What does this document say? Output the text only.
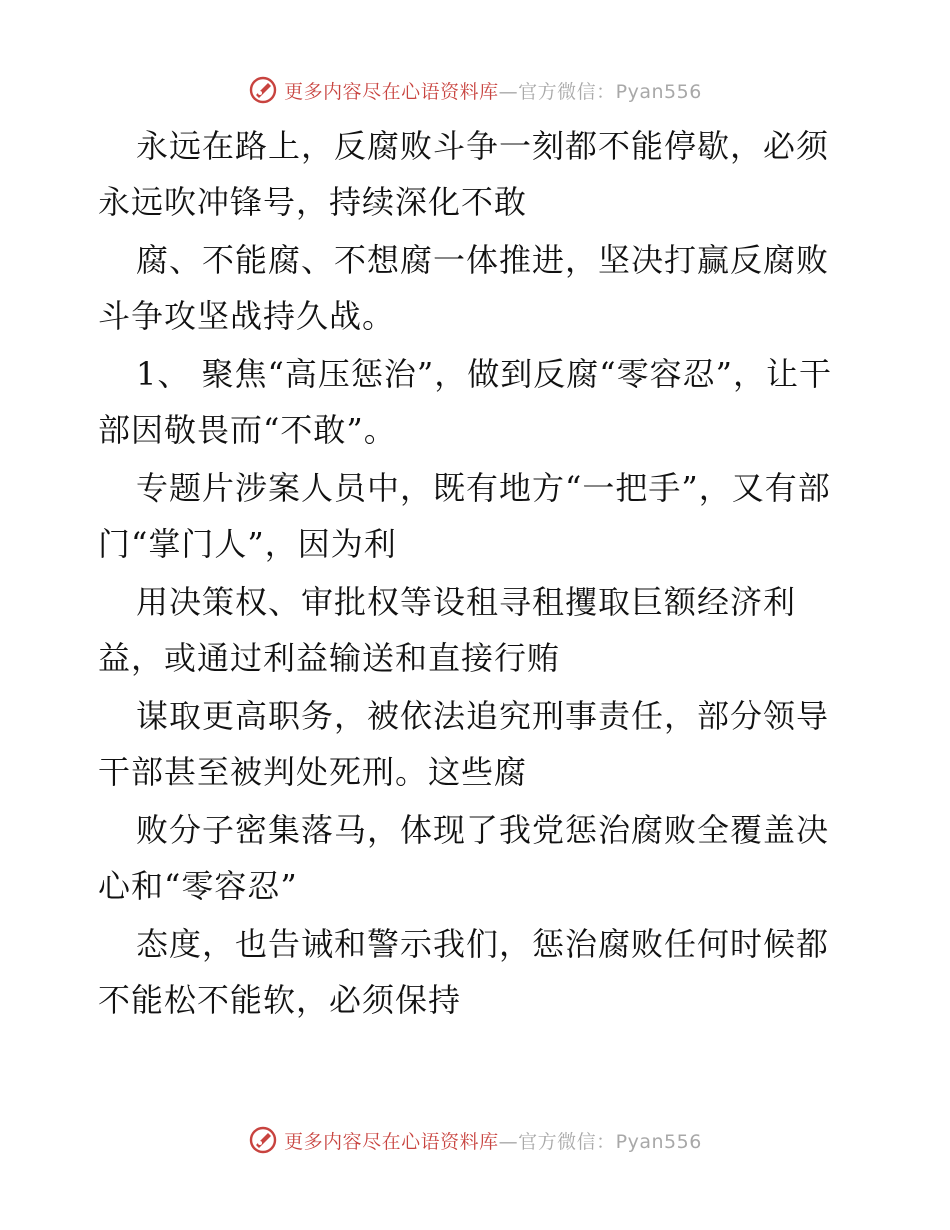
更多内容尽在心语资料库—官方微信：Pyan556

永远在路上，反腐败斗争一刻都不能停歇，必须永远吹冲锋号，持续深化不敢

腐、不能腐、不想腐一体推进，坚决打赢反腐败斗争攻坚战持久战。

1、 聚焦“高压惩治”，做到反腐“零容忍”，让干部因敬畏而“不敢”。

专题片涉案人员中，既有地方“一把手”，又有部门“掌门人”，因为利

用决策权、审批权等设租寻租攫取巨额经济利益，或通过利益输送和直接行贿

谋取更高职务，被依法追究刑事责任，部分领导干部甚至被判处死刑。这些腐

败分子密集落马，体现了我党惩治腐败全覆盖决心和“零容忍”

态度，也告诫和警示我们，惩治腐败任何时候都不能松不能软，必须保持

更多内容尽在心语资料库—官方微信：Pyan556
